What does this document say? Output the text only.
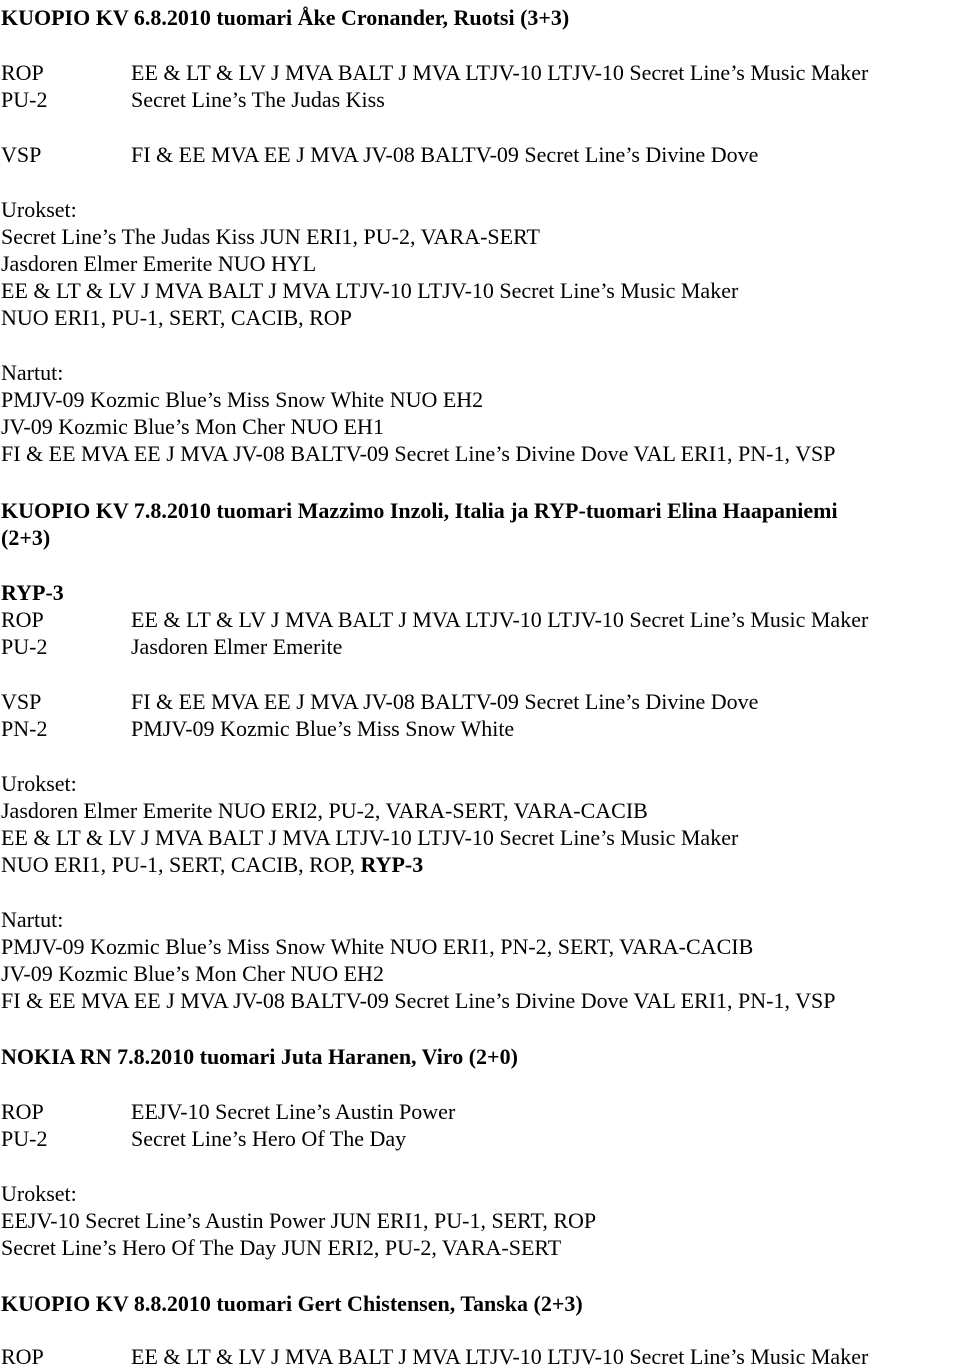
KUOPIO KV 6.8.2010 tuomari Åke Cronander, Ruotsi (3+3)
ROP	EE & LT & LV J MVA BALT J MVA LTJV-10 LTJV-10 Secret Line’s Music Maker
PU-2	Secret Line’s The Judas Kiss
VSP	FI & EE MVA EE J MVA JV-08 BALTV-09 Secret Line’s Divine Dove
Urokset:
Secret Line’s The Judas Kiss JUN ERI1, PU-2, VARA-SERT
Jasdoren Elmer Emerite NUO HYL
EE & LT & LV J MVA BALT J MVA LTJV-10 LTJV-10 Secret Line’s Music Maker
NUO ERI1, PU-1, SERT, CACIB, ROP
Nartut:
PMJV-09 Kozmic Blue’s Miss Snow White NUO EH2
JV-09 Kozmic Blue’s Mon Cher NUO EH1
FI & EE MVA EE J MVA JV-08 BALTV-09 Secret Line’s Divine Dove VAL ERI1, PN-1, VSP
KUOPIO KV 7.8.2010 tuomari Mazzimo Inzoli, Italia ja RYP-tuomari Elina Haapaniemi
(2+3)
RYP-3
ROP	EE & LT & LV J MVA BALT J MVA LTJV-10 LTJV-10 Secret Line’s Music Maker
PU-2	Jasdoren Elmer Emerite
VSP	FI & EE MVA EE J MVA JV-08 BALTV-09 Secret Line’s Divine Dove
PN-2	PMJV-09 Kozmic Blue’s Miss Snow White
Urokset:
Jasdoren Elmer Emerite NUO ERI2, PU-2, VARA-SERT, VARA-CACIB
EE & LT & LV J MVA BALT J MVA LTJV-10 LTJV-10 Secret Line’s Music Maker
NUO ERI1, PU-1, SERT, CACIB, ROP, RYP-3
Nartut:
PMJV-09 Kozmic Blue’s Miss Snow White NUO ERI1, PN-2, SERT, VARA-CACIB
JV-09 Kozmic Blue’s Mon Cher NUO EH2
FI & EE MVA EE J MVA JV-08 BALTV-09 Secret Line’s Divine Dove VAL ERI1, PN-1, VSP
NOKIA RN 7.8.2010 tuomari Juta Haranen, Viro (2+0)
ROP	EEJV-10 Secret Line’s Austin Power
PU-2	Secret Line’s Hero Of The Day
Urokset:
EEJV-10 Secret Line’s Austin Power JUN ERI1, PU-1, SERT, ROP
Secret Line’s Hero Of The Day JUN ERI2, PU-2, VARA-SERT
KUOPIO KV 8.8.2010 tuomari Gert Chistensen, Tanska (2+3)
ROP	EE & LT & LV J MVA BALT J MVA LTJV-10 LTJV-10 Secret Line’s Music Maker
